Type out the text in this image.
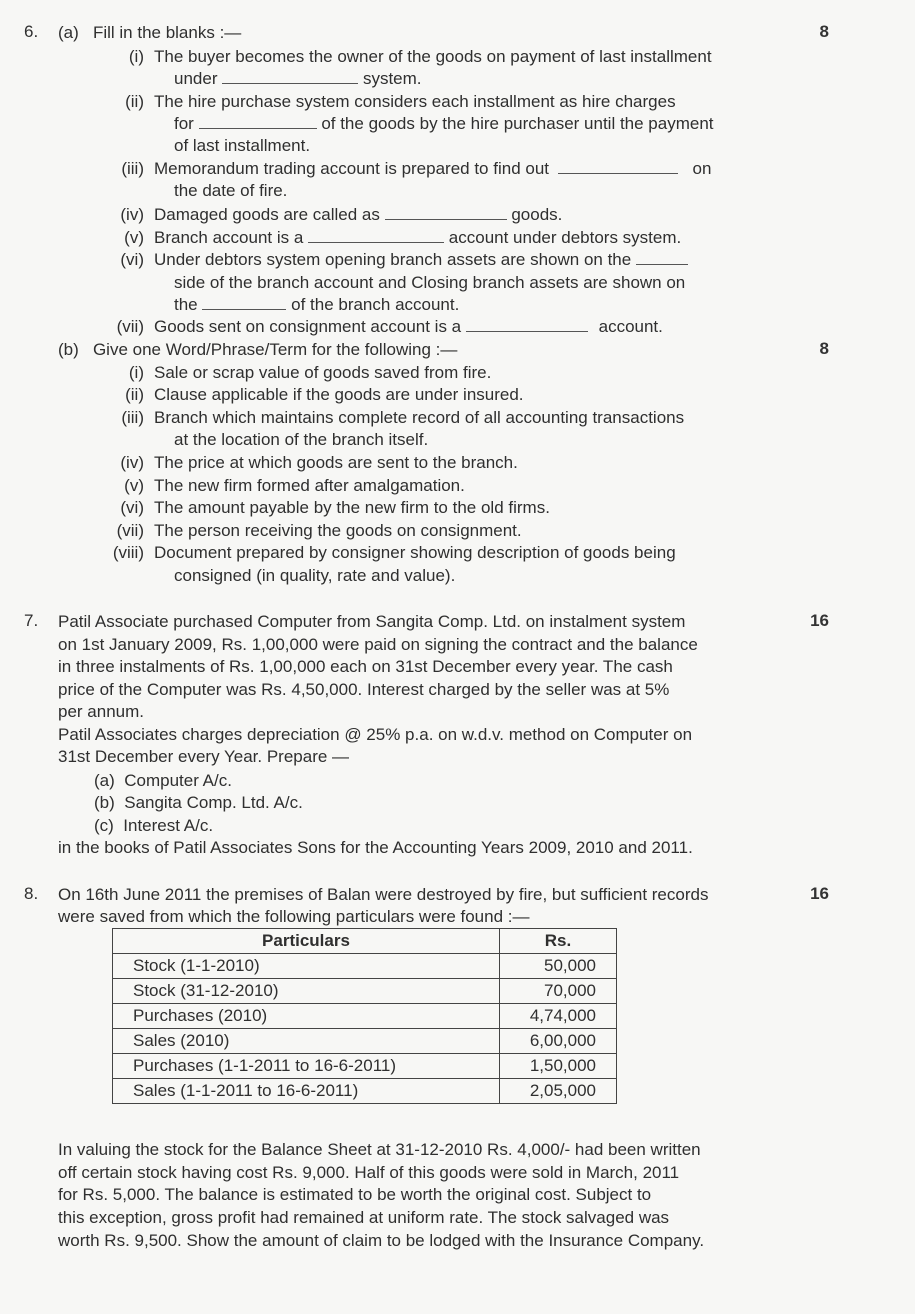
6.	8
(a) Fill in the blanks :—
(i) The buyer becomes the owner of the goods on payment of last installment
under	system.
(ii) The hire purchase system considers each installment as hire charges
for	of the goods by the hire purchaser until the payment
of last installment.
(iii) Memorandum trading account is prepared to find out	on
the date of fire.
(iv) Damaged goods are called as	goods.
(v) Branch account is a	account under debtors system.
(vi) Under debtors system opening branch assets are shown on the
side of the branch account and Closing branch assets are shown on
the	of the branch account.
(vii) Goods sent on consignment account is a	account.
8
(b) Give one Word/Phrase/Term for the following :—
(i) Sale or scrap value of goods saved from fire.
(ii) Clause applicable if the goods are under insured.
(iii) Branch which maintains complete record of all accounting transactions
at the location of the branch itself.
(iv) The price at which goods are sent to the branch.
(v) The new firm formed after amalgamation.
(vi) The amount payable by the new firm to the old firms.
(vii) The person receiving the goods on consignment.
(viii) Document prepared by consigner showing description of goods being
consigned (in quality, rate and value).
7.	16
Patil Associate purchased Computer from Sangita Comp. Ltd. on instalment system
on 1st January 2009, Rs. 1,00,000 were paid on signing the contract and the balance
in three instalments of Rs. 1,00,000 each on 31st December every year. The cash
price of the Computer was Rs. 4,50,000. Interest charged by the seller was at 5%
per annum.
Patil Associates charges depreciation @ 25% p.a. on w.d.v. method on Computer on
31st December every Year. Prepare —
(a) Computer A/c.
(b) Sangita Comp. Ltd. A/c.
(c) Interest A/c.
in the books of Patil Associates Sons for the Accounting Years 2009, 2010 and 2011.
8.	16
On 16th June 2011 the premises of Balan were destroyed by fire, but sufficient records
were saved from which the following particulars were found :—
Particulars	Rs.
Stock (1-1-2010)	50,000
Stock (31-12-2010)	70,000
Purchases (2010)	4,74,000
Sales (2010)	6,00,000
Purchases (1-1-2011 to 16-6-2011)	1,50,000
Sales (1-1-2011 to 16-6-2011)	2,05,000
In valuing the stock for the Balance Sheet at 31-12-2010 Rs. 4,000/- had been written
off certain stock having cost Rs. 9,000. Half of this goods were sold in March, 2011
for Rs. 5,000. The balance is estimated to be worth the original cost. Subject to
this exception, gross profit had remained at uniform rate. The stock salvaged was
worth Rs. 9,500. Show the amount of claim to be lodged with the Insurance Company.
